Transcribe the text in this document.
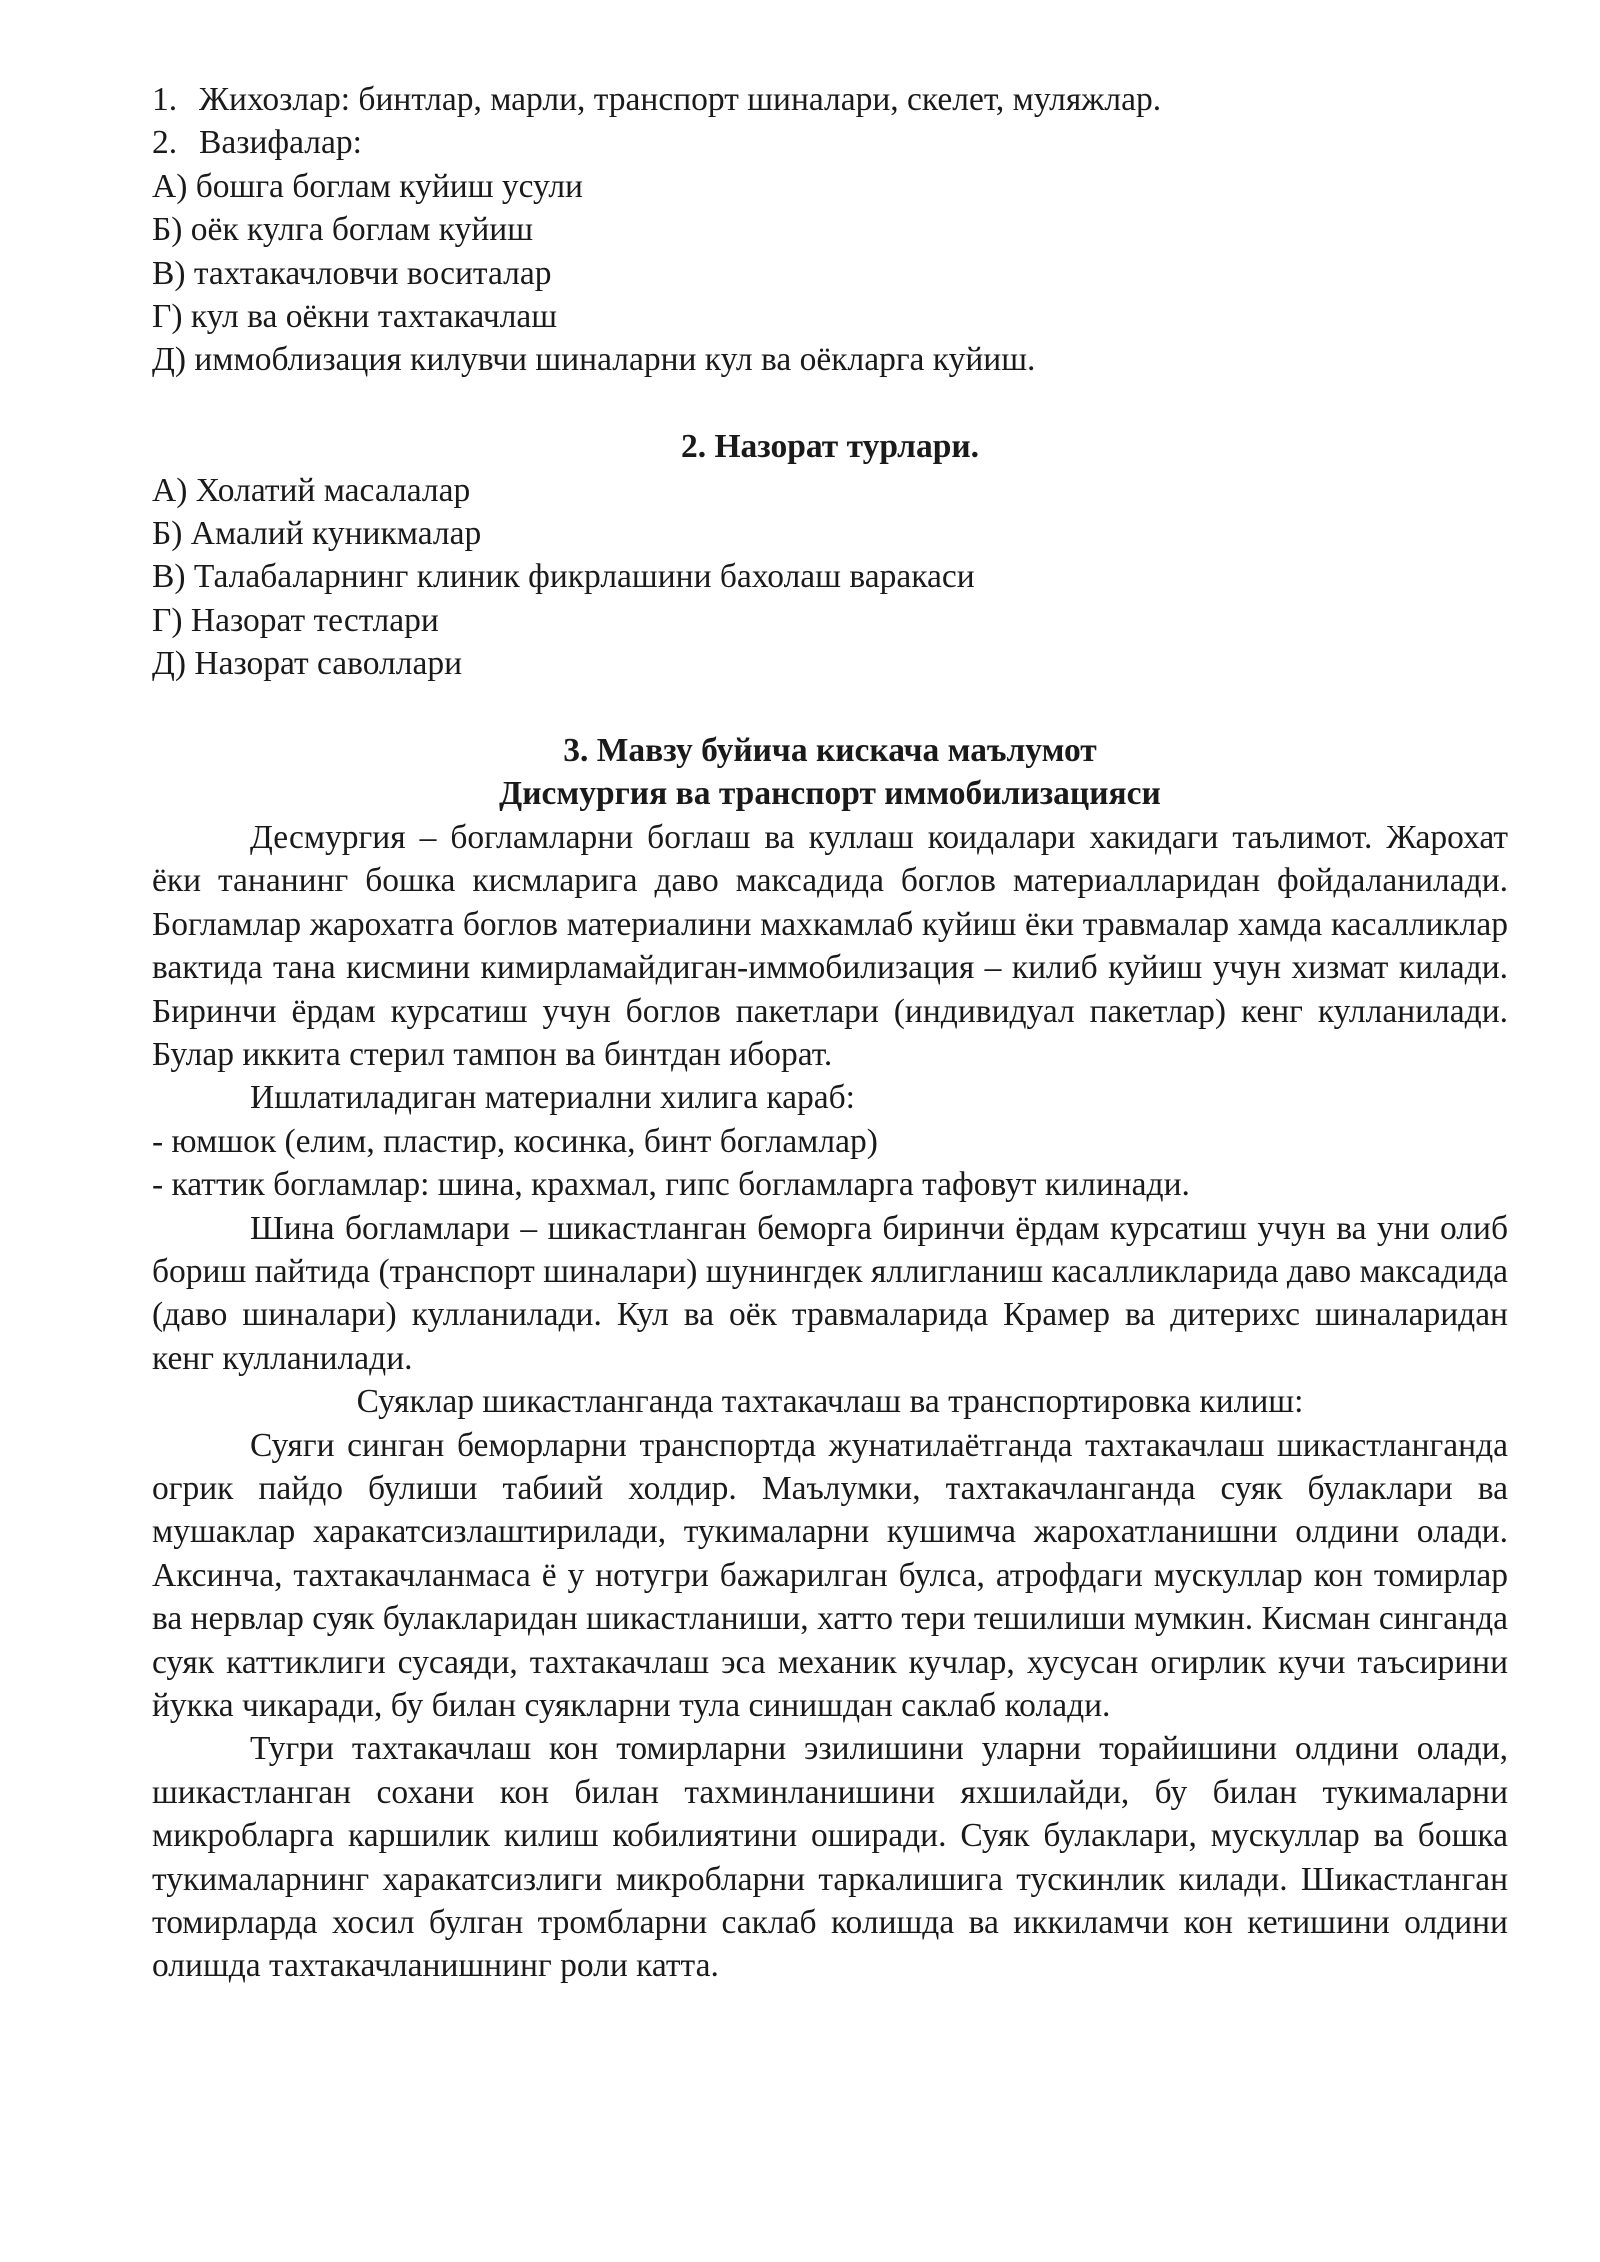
1. Жихозлар: бинтлар, марли, транспорт шиналари, скелет, муляжлар.
2. Вазифалар:
А) бошга боглам куйиш усули
Б) оёк кулга боглам куйиш
В) тахтакачловчи воситалар
Г) кул ва оёкни тахтакачлаш
Д) иммоблизация килувчи шиналарни кул ва оёкларга куйиш.
2. Назорат турлари.
А) Холатий масалалар
Б) Амалий куникмалар
В) Талабаларнинг клиник фикрлашини бахолаш варакаси
Г) Назорат тестлари
Д) Назорат саволлари
3. Мавзу буйича кискача маълумот
Дисмургия ва транспорт иммобилизацияси

Десмургия – богламларни боглаш ва куллаш коидалари хакидаги таълимот. Жарохат ёки тананинг бошка кисмларига даво максадида боглов материалларидан фойдаланилади. Богламлар жарохатга боглов материалини махкамлаб куйиш ёки травмалар хамда касалликлар вактида тана кисмини кимирламайдиган-иммобилизация – килиб куйиш учун хизмат килади. Биринчи ёрдам курсатиш учун боглов пакетлари (индивидуал пакетлар) кенг кулланилади. Булар иккита стерил тампон ва бинтдан иборат.

Ишлатиладиган материални хилига караб:

- юмшок (елим, пластир, косинка, бинт богламлар)
- каттик богламлар: шина, крахмал, гипс богламларга тафовут килинади.

Шина богламлари – шикастланган беморга биринчи ёрдам курсатиш учун ва уни олиб бориш пайтида (транспорт шиналари) шунингдек яллигланиш касалликларида даво максадида (даво шиналари) кулланилади. Кул ва оёк травмаларида Крамер ва дитерихс шиналаридан кенг кулланилади.

Суяклар шикастланганда тахтакачлаш ва транспортировка килиш:

Суяги синган беморларни транспортда жунатилаётганда тахтакачлаш шикастланганда огрик пайдо булиши табиий холдир. Маълумки, тахтакачланганда суяк булаклари ва мушаклар харакатсизлаштирилади, тукималарни кушимча жарохатланишни олдини олади. Аксинча, тахтакачланмаса ё у нотугри бажарилган булса, атрофдаги мускуллар кон томирлар ва нервлар суяк булакларидан шикастланиши, хатто тери тешилиши мумкин. Кисман синганда суяк каттиклиги сусаяди, тахтакачлаш эса механик кучлар, хусусан огирлик кучи таъсирини йукка чикаради, бу билан суякларни тула синишдан саклаб колади.

Тугри тахтакачлаш кон томирларни эзилишини уларни торайишини олдини олади, шикастланган сохани кон билан тахминланишини яхшилайди, бу билан тукималарни микробларга каршилик килиш кобилиятини оширади. Суяк булаклари, мускуллар ва бошка тукималарнинг харакатсизлиги микробларни таркалишига тускинлик килади. Шикастланган томирларда хосил булган тромбларни саклаб колишда ва иккиламчи кон кетишини олдини олишда тахтакачланишнинг роли катта.
